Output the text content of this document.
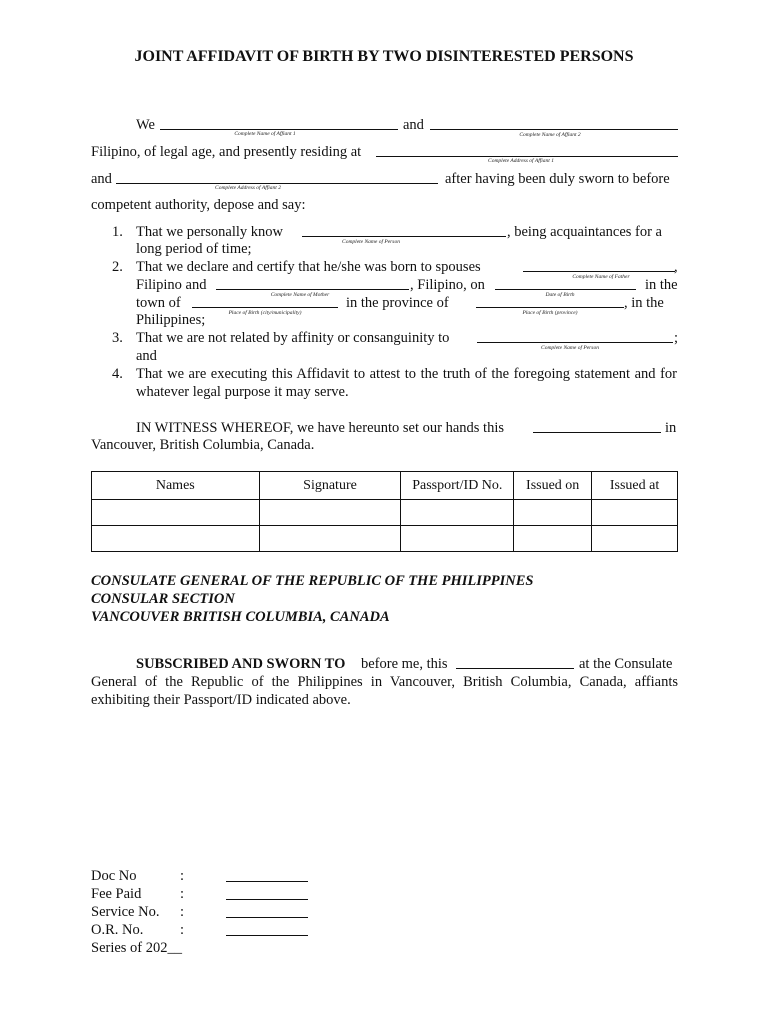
JOINT AFFIDAVIT OF BIRTH BY TWO DISINTERESTED PERSONS
We
Complete Name of Affiant 1
and
Complete Name of Affiant 2
Filipino, of legal age, and presently residing at
Complete Address of Affiant 1
and
Complete Address of Affiant 2
after having been duly sworn to before
competent authority, depose and say:
1. That we personally know
Complete Name of Person
, being acquaintances for a
long period of time;
2. That we declare and certify that he/she was born to spouses
Complete Name of Father
,
Filipino and
Complete Name of Mother
, Filipino, on
Date of Birth
in the
town of
Place of Birth (city/municipality)
in the province of
Place of Birth (province)
, in the
Philippines;
3. That we are not related by affinity or consanguinity to
Complete Name of Person
;
and
4. That we are executing this Affidavit to attest to the truth of the foregoing statement and for
whatever legal purpose it may serve.
IN WITNESS WHEREOF, we have hereunto set our hands this	in
Vancouver, British Columbia, Canada.
Names	Signature	Passport/ID No.	Issued on	Issued at

CONSULATE GENERAL OF THE REPUBLIC OF THE PHILIPPINES
CONSULAR SECTION
VANCOUVER BRITISH COLUMBIA, CANADA
SUBSCRIBED AND SWORN TO before me, this	at the Consulate
General of the Republic of the Philippines in Vancouver, British Columbia, Canada, affiants
exhibiting their Passport/ID indicated above.
Doc No	:
Fee Paid	:
Service No. :
O.R. No.	:
Series of 202__
